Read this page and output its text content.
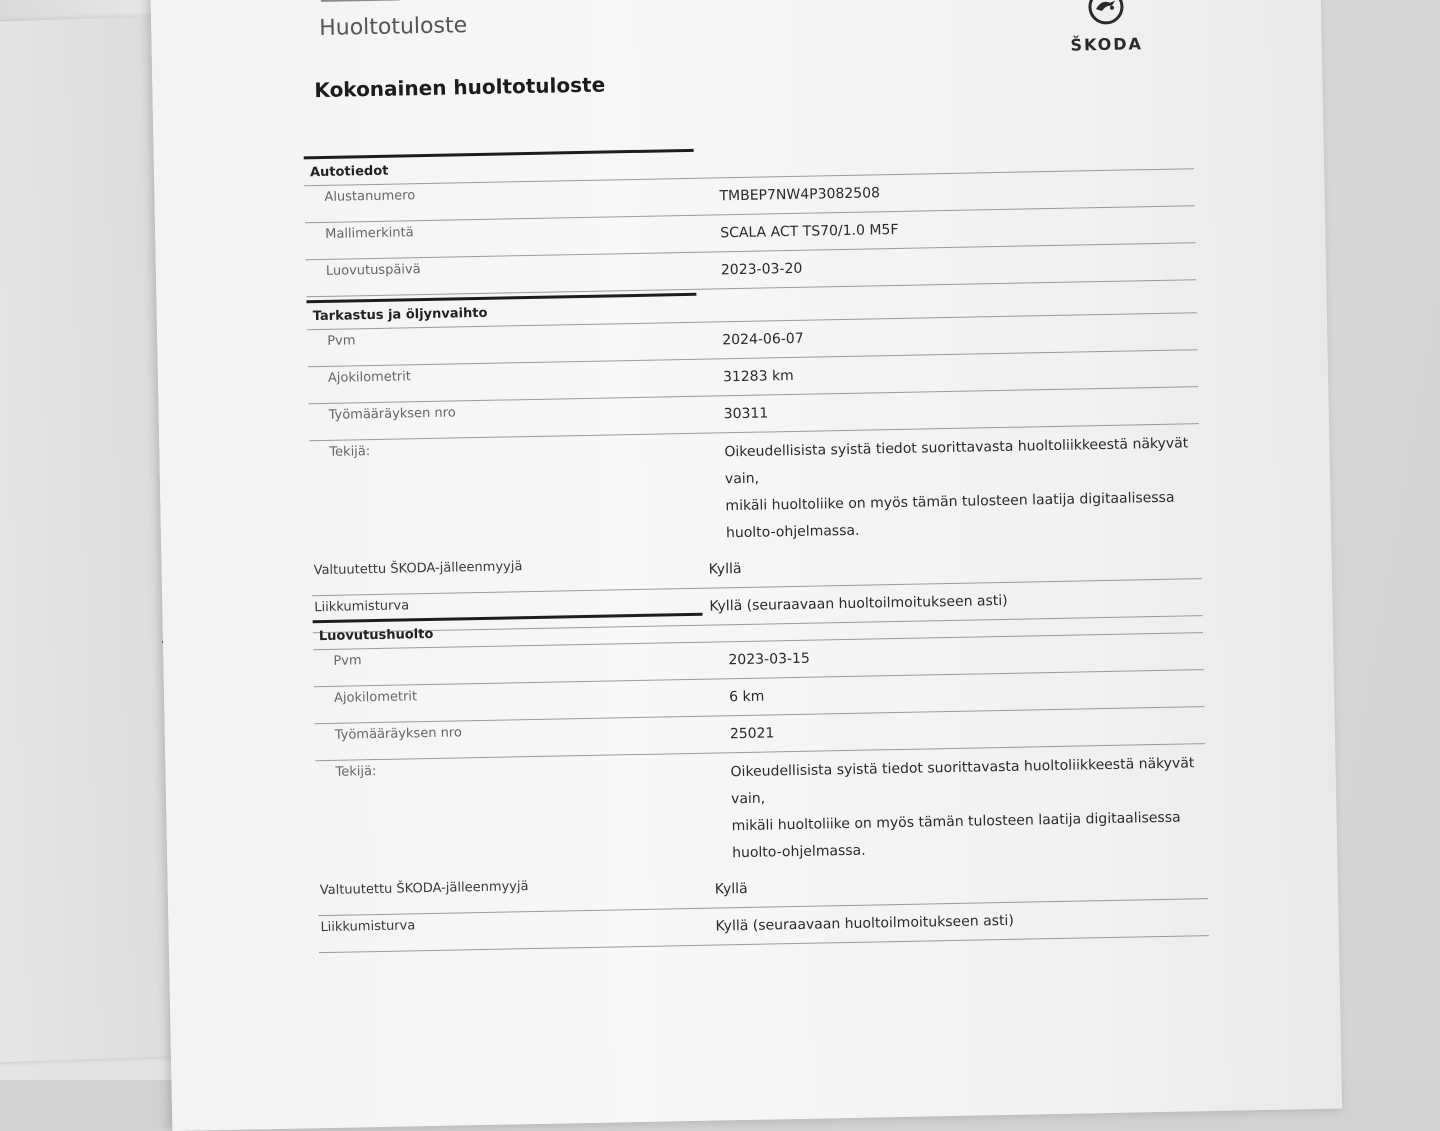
Huoltotuloste
ŠKODA
Kokonainen huoltotuloste
Autotiedot
Alustanumero	TMBEP7NW4P3082508
Mallimerkintä	SCALA ACT TS70/1.0 M5F
Luovutuspäivä	2023-03-20
Tarkastus ja öljynvaihto
Pvm	2024-06-07
Ajokilometrit	31283 km
Työmääräyksen nro	30311
Tekijä:	Oikeudellisista syistä tiedot suorittavasta huoltoliikkeestä näkyvät vain,
mikäli huoltoliike on myös tämän tulosteen laatija digitaalisessa
huolto-ohjelmassa.
Valtuutettu ŠKODA-jälleenmyyjä	Kyllä
Liikkumisturva	Kyllä (seuraavaan huoltoilmoitukseen asti)
Luovutushuolto
Pvm	2023-03-15
Ajokilometrit	6 km
Työmääräyksen nro	25021
Tekijä:	Oikeudellisista syistä tiedot suorittavasta huoltoliikkeestä näkyvät vain,
mikäli huoltoliike on myös tämän tulosteen laatija digitaalisessa
huolto-ohjelmassa.
Valtuutettu ŠKODA-jälleenmyyjä	Kyllä
Liikkumisturva	Kyllä (seuraavaan huoltoilmoitukseen asti)
